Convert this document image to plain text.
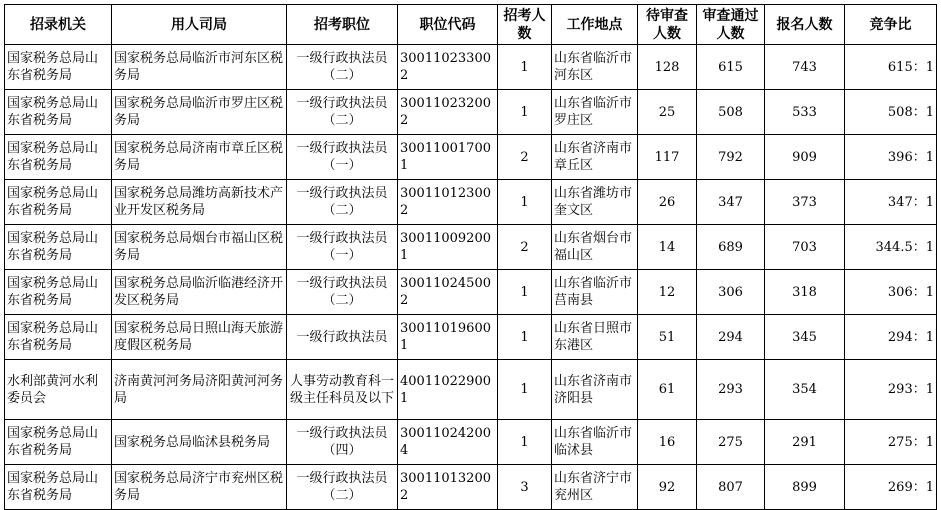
招录机关	用人司局	招考职位	职位代码	招考人数	工作地点	待审查人数	审查通过人数	报名人数	竞争比
国家税务总局山东省税务局	国家税务总局临沂市河东区税务局	一级行政执法员（二）	300110233002	1	山东省临沂市河东区	128	615	743	615：1
国家税务总局山东省税务局	国家税务总局临沂市罗庄区税务局	一级行政执法员（二）	300110232002	1	山东省临沂市罗庄区	25	508	533	508：1
国家税务总局山东省税务局	国家税务总局济南市章丘区税务局	一级行政执法员（一）	300110017001	2	山东省济南市章丘区	117	792	909	396：1
国家税务总局山东省税务局	国家税务总局潍坊高新技术产业开发区税务局	一级行政执法员（二）	300110123002	1	山东省潍坊市奎文区	26	347	373	347：1
国家税务总局山东省税务局	国家税务总局烟台市福山区税务局	一级行政执法员（一）	300110092001	2	山东省烟台市福山区	14	689	703	344.5：1
国家税务总局山东省税务局	国家税务总局临沂临港经济开发区税务局	一级行政执法员（二）	300110245002	1	山东省临沂市莒南县	12	306	318	306：1
国家税务总局山东省税务局	国家税务总局日照山海天旅游度假区税务局	一级行政执法员	300110196001	1	山东省日照市东港区	51	294	345	294：1
水利部黄河水利委员会	济南黄河河务局济阳黄河河务局	人事劳动教育科一级主任科员及以下	400110229001	1	山东省济南市济阳县	61	293	354	293：1
国家税务总局山东省税务局	国家税务总局临沭县税务局	一级行政执法员（四）	300110242004	1	山东省临沂市临沭县	16	275	291	275：1
国家税务总局山东省税务局	国家税务总局济宁市兖州区税务局	一级行政执法员（二）	300110132002	3	山东省济宁市兖州区	92	807	899	269：1
